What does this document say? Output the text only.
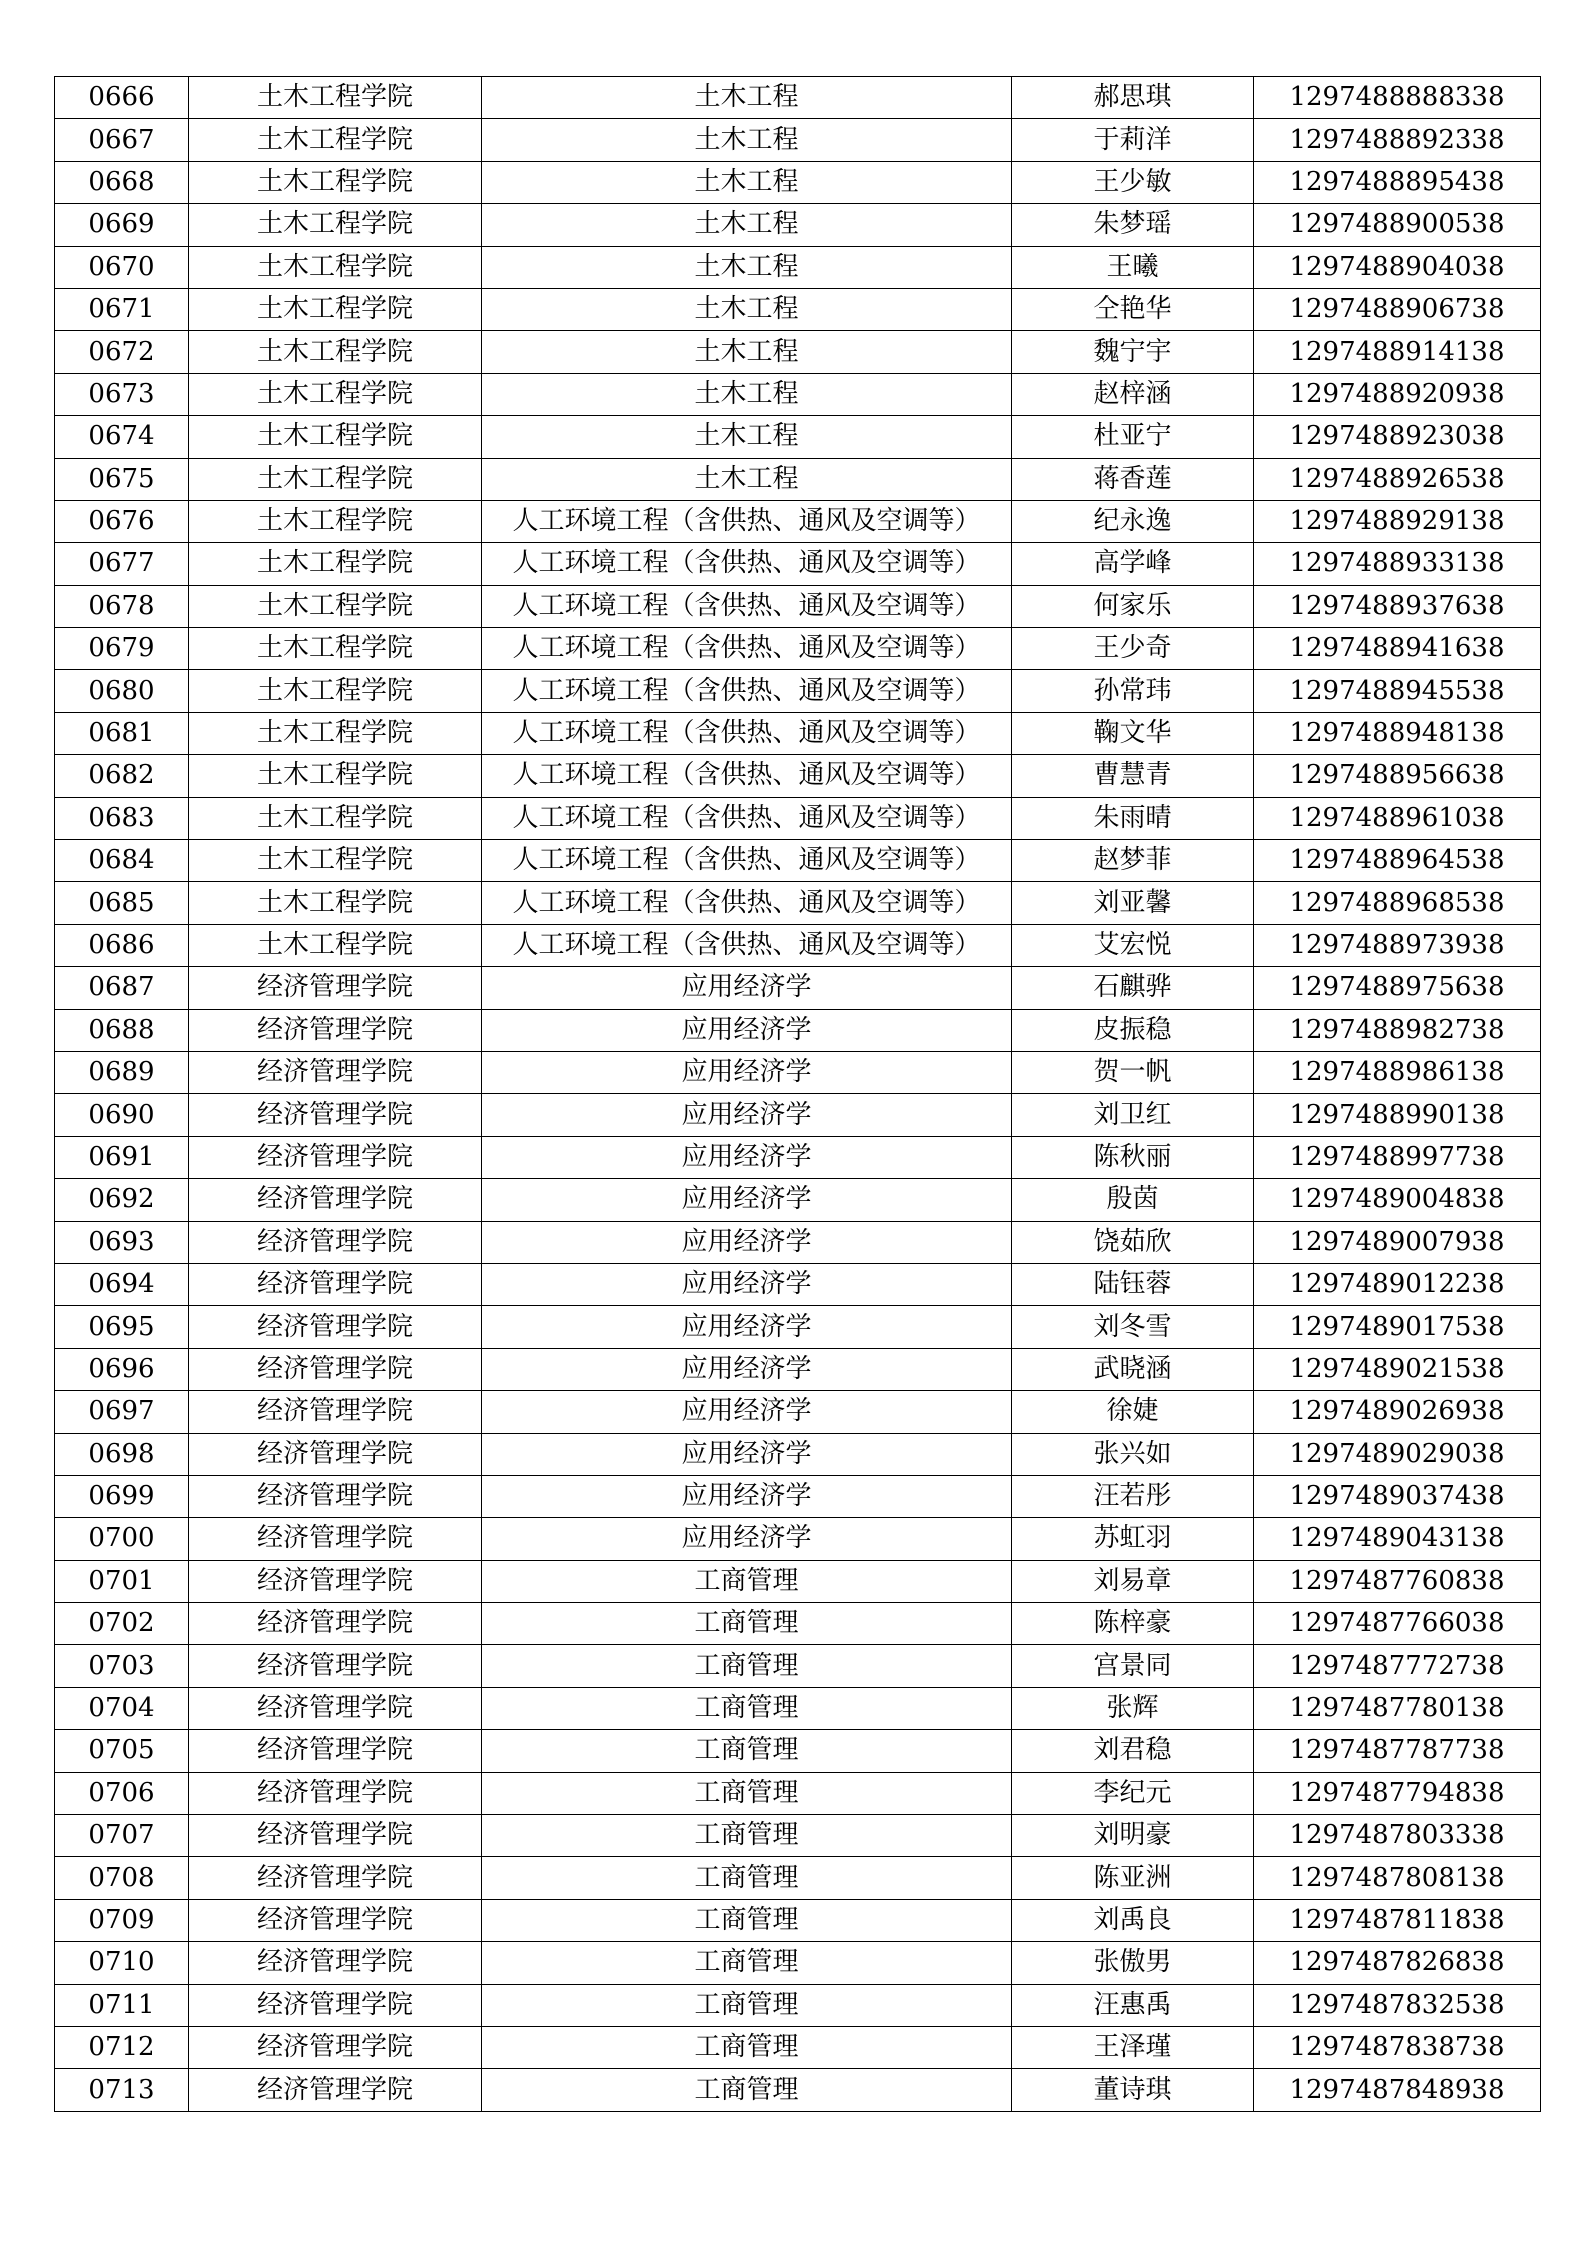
0666	土木工程学院	土木工程	郝思琪	1297488888338
0667	土木工程学院	土木工程	于莉洋	1297488892338
0668	土木工程学院	土木工程	王少敏	1297488895438
0669	土木工程学院	土木工程	朱梦瑶	1297488900538
0670	土木工程学院	土木工程	王曦	1297488904038
0671	土木工程学院	土木工程	仝艳华	1297488906738
0672	土木工程学院	土木工程	魏宁宇	1297488914138
0673	土木工程学院	土木工程	赵梓涵	1297488920938
0674	土木工程学院	土木工程	杜亚宁	1297488923038
0675	土木工程学院	土木工程	蒋香莲	1297488926538
0676	土木工程学院	人工环境工程（含供热、通风及空调等）	纪永逸	1297488929138
0677	土木工程学院	人工环境工程（含供热、通风及空调等）	高学峰	1297488933138
0678	土木工程学院	人工环境工程（含供热、通风及空调等）	何家乐	1297488937638
0679	土木工程学院	人工环境工程（含供热、通风及空调等）	王少奇	1297488941638
0680	土木工程学院	人工环境工程（含供热、通风及空调等）	孙常玮	1297488945538
0681	土木工程学院	人工环境工程（含供热、通风及空调等）	鞠文华	1297488948138
0682	土木工程学院	人工环境工程（含供热、通风及空调等）	曹慧青	1297488956638
0683	土木工程学院	人工环境工程（含供热、通风及空调等）	朱雨晴	1297488961038
0684	土木工程学院	人工环境工程（含供热、通风及空调等）	赵梦菲	1297488964538
0685	土木工程学院	人工环境工程（含供热、通风及空调等）	刘亚馨	1297488968538
0686	土木工程学院	人工环境工程（含供热、通风及空调等）	艾宏悦	1297488973938
0687	经济管理学院	应用经济学	石麒骅	1297488975638
0688	经济管理学院	应用经济学	皮振稳	1297488982738
0689	经济管理学院	应用经济学	贺一帆	1297488986138
0690	经济管理学院	应用经济学	刘卫红	1297488990138
0691	经济管理学院	应用经济学	陈秋丽	1297488997738
0692	经济管理学院	应用经济学	殷茵	1297489004838
0693	经济管理学院	应用经济学	饶茹欣	1297489007938
0694	经济管理学院	应用经济学	陆钰蓉	1297489012238
0695	经济管理学院	应用经济学	刘冬雪	1297489017538
0696	经济管理学院	应用经济学	武晓涵	1297489021538
0697	经济管理学院	应用经济学	徐婕	1297489026938
0698	经济管理学院	应用经济学	张兴如	1297489029038
0699	经济管理学院	应用经济学	汪若彤	1297489037438
0700	经济管理学院	应用经济学	苏虹羽	1297489043138
0701	经济管理学院	工商管理	刘易章	1297487760838
0702	经济管理学院	工商管理	陈梓豪	1297487766038
0703	经济管理学院	工商管理	宫景同	1297487772738
0704	经济管理学院	工商管理	张辉	1297487780138
0705	经济管理学院	工商管理	刘君稳	1297487787738
0706	经济管理学院	工商管理	李纪元	1297487794838
0707	经济管理学院	工商管理	刘明豪	1297487803338
0708	经济管理学院	工商管理	陈亚洲	1297487808138
0709	经济管理学院	工商管理	刘禹良	1297487811838
0710	经济管理学院	工商管理	张傲男	1297487826838
0711	经济管理学院	工商管理	汪惠禹	1297487832538
0712	经济管理学院	工商管理	王泽瑾	1297487838738
0713	经济管理学院	工商管理	董诗琪	1297487848938
